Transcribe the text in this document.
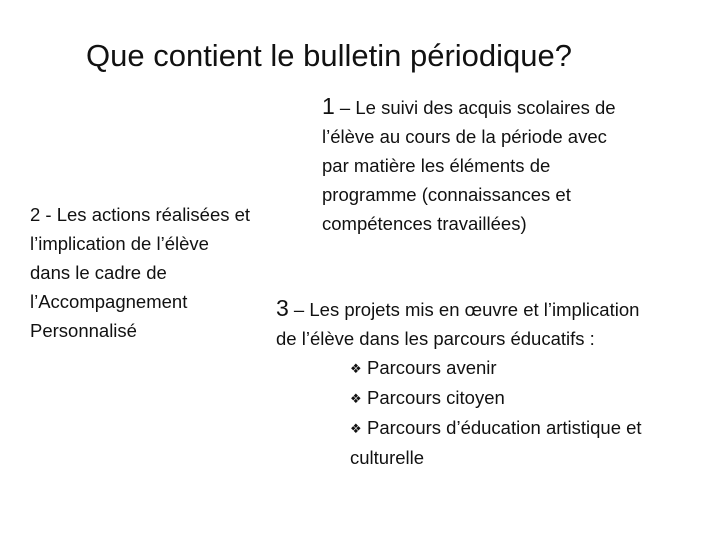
Que contient le bulletin périodique?
1 – Le suivi des acquis scolaires de
l’élève au cours de la période avec
par matière les éléments de
programme (connaissances et
compétences travaillées)
2 - Les actions réalisées et
l’implication de l’élève
dans le cadre de
l’Accompagnement
Personnalisé
3 – Les projets mis en œuvre et l’implication
de l’élève dans les parcours éducatifs :
❖ Parcours avenir
❖ Parcours citoyen
❖ Parcours d’éducation artistique et
culturelle
